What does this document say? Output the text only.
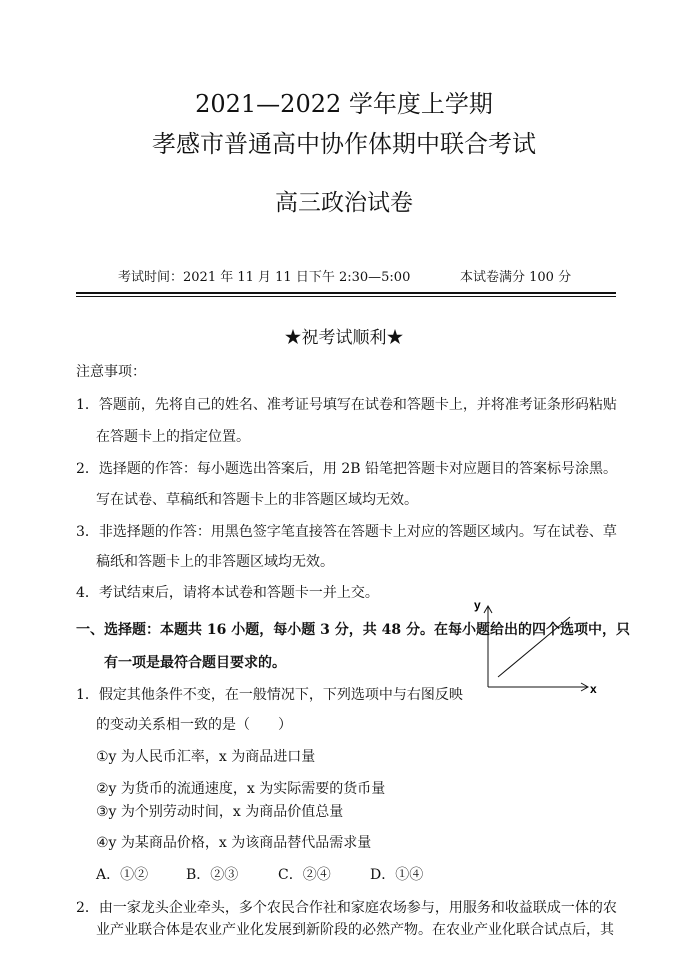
2021—2022 学年度上学期
孝感市普通高中协作体期中联合考试
高三政治试卷
考试时间：2021 年 11 月 11 日下午 2:30—5:00	本试卷满分 100 分
★祝考试顺利★
注意事项：
1．答题前，先将自己的姓名、准考证号填写在试卷和答题卡上，并将准考证条形码粘贴
在答题卡上的指定位置。
2．选择题的作答：每小题选出答案后，用 2B 铅笔把答题卡对应题目的答案标号涂黑。
写在试卷、草稿纸和答题卡上的非答题区域均无效。
3．非选择题的作答：用黑色签字笔直接答在答题卡上对应的答题区域内。写在试卷、草
稿纸和答题卡上的非答题区域均无效。
4．考试结束后，请将本试卷和答题卡一并上交。
一、选择题：本题共 16 小题，每小题 3 分，共 48 分。在每小题给出的四个选项中，只
有一项是最符合题目要求的。
1．假定其他条件不变，在一般情况下，下列选项中与右图反映
的变动关系相一致的是（　　）
①y 为人民币汇率，x 为商品进口量
②y 为货币的流通速度，x 为实际需要的货币量
③y 为个别劳动时间，x 为商品价值总量
④y 为某商品价格，x 为该商品替代品需求量
A．①②	B．②③	C．②④	D．①④
2．由一家龙头企业牵头，多个农民合作社和家庭农场参与，用服务和收益联成一体的农
业产业联合体是农业产业化发展到新阶段的必然产物。在农业产业化联合试点后，其
y
x
